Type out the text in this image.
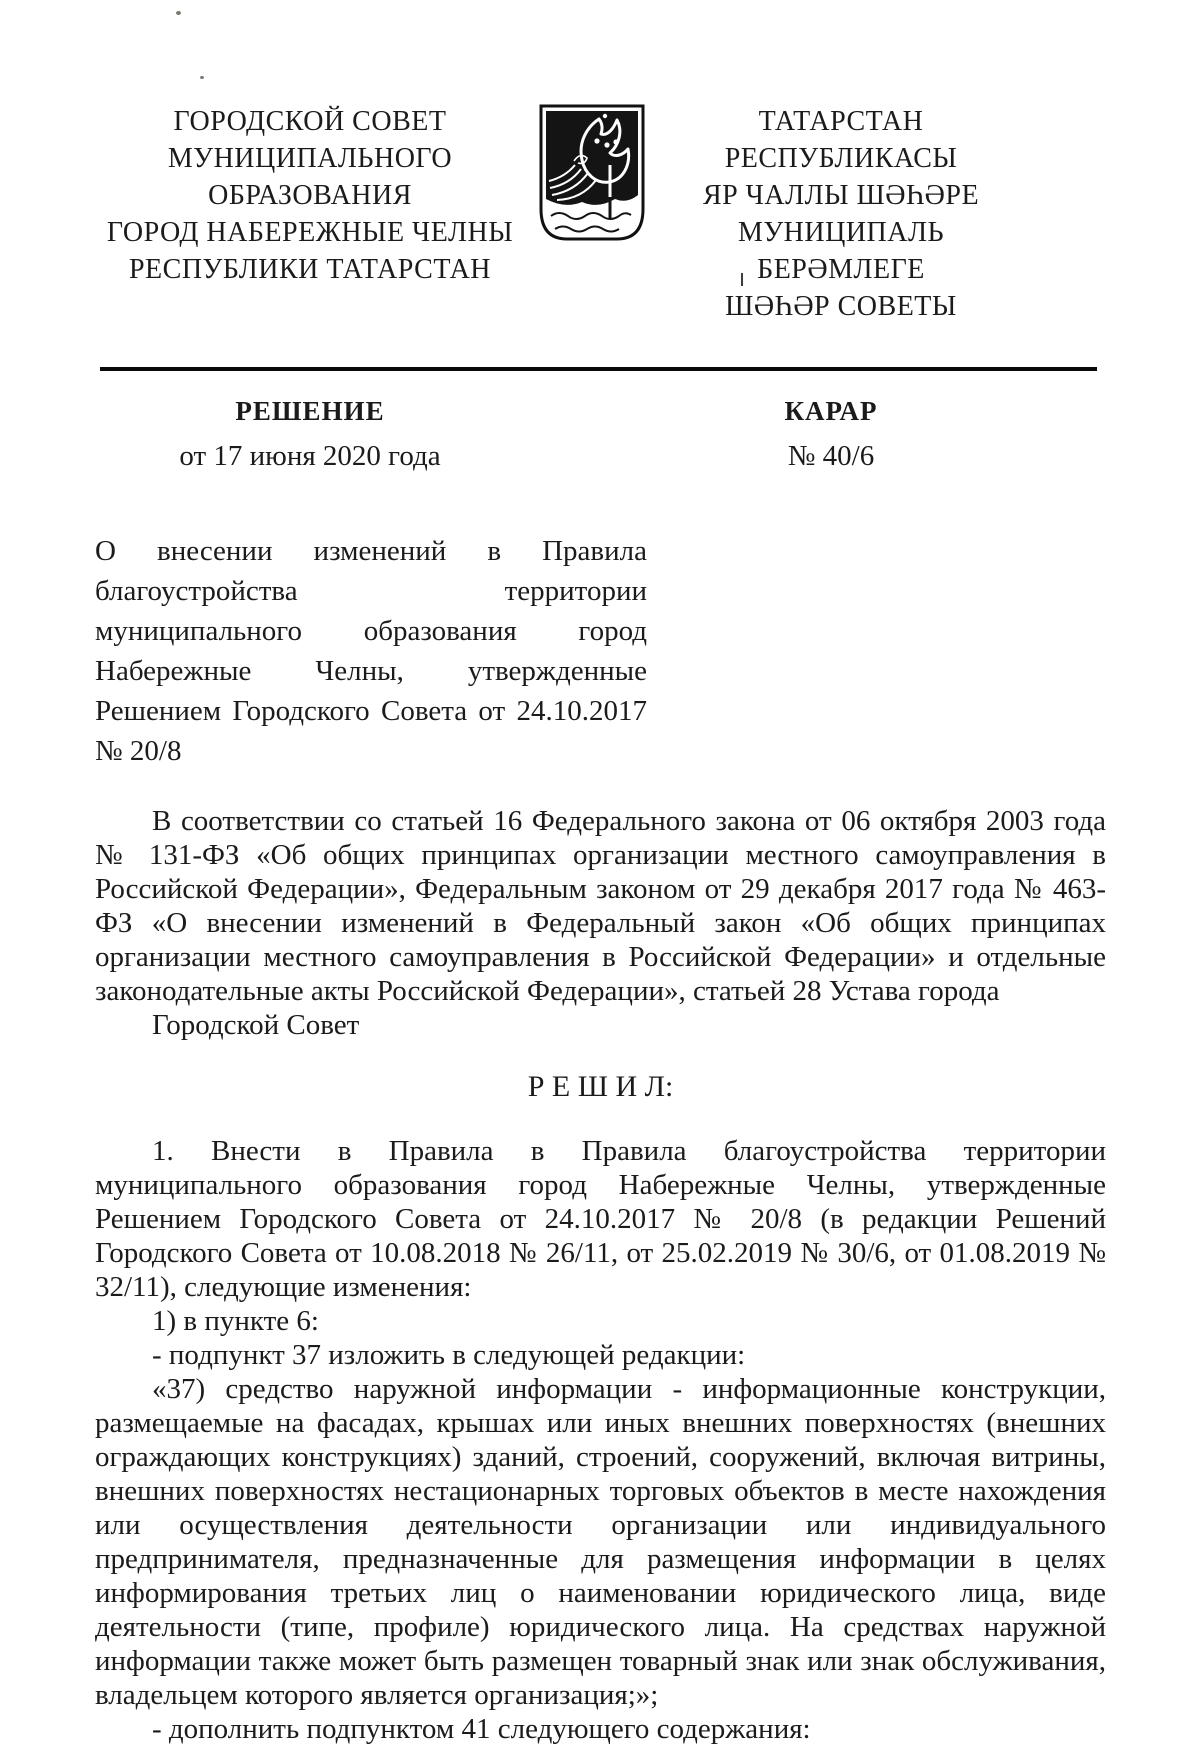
ГОРОДСКОЙ СОВЕТ
МУНИЦИПАЛЬНОГО ОБРАЗОВАНИЯ
ГОРОД НАБЕРЕЖНЫЕ ЧЕЛНЫ
РЕСПУБЛИКИ ТАТАРСТАН
ТАТАРСТАН РЕСПУБЛИКАСЫ
ЯР ЧАЛЛЫ ШӘҺӘРЕ
МУНИЦИПАЛЬ БЕРӘМЛЕГЕ
ШӘҺӘР СОВЕТЫ
РЕШЕНИЕ	КАРАР
от 17 июня 2020 года	№ 40/6
О внесении изменений в Правила благоустройства территории муниципального образования город Набережные Челны, утвержденные Решением Городского Совета от 24.10.2017 № 20/8
В соответствии со статьей 16 Федерального закона от 06 октября 2003 года № 131-ФЗ «Об общих принципах организации местного самоуправления в Российской Федерации», Федеральным законом от 29 декабря 2017 года № 463-ФЗ «О внесении изменений в Федеральный закон «Об общих принципах организации местного самоуправления в Российской Федерации» и отдельные законодательные акты Российской Федерации», статьей 28 Устава города
Городской Совет
Р Е Ш И Л:
1. Внести в Правила в Правила благоустройства территории муниципального образования город Набережные Челны, утвержденные Решением Городского Совета от 24.10.2017 № 20/8 (в редакции Решений Городского Совета от 10.08.2018 № 26/11, от 25.02.2019 № 30/6, от 01.08.2019 № 32/11), следующие изменения:
1) в пункте 6:
- подпункт 37 изложить в следующей редакции:
«37) средство наружной информации - информационные конструкции, размещаемые на фасадах, крышах или иных внешних поверхностях (внешних ограждающих конструкциях) зданий, строений, сооружений, включая витрины, внешних поверхностях нестационарных торговых объектов в месте нахождения или осуществления деятельности организации или индивидуального предпринимателя, предназначенные для размещения информации в целях информирования третьих лиц о наименовании юридического лица, виде деятельности (типе, профиле) юридического лица. На средствах наружной информации также может быть размещен товарный знак или знак обслуживания, владельцем которого является организация;»;
- дополнить подпунктом 41 следующего содержания:
